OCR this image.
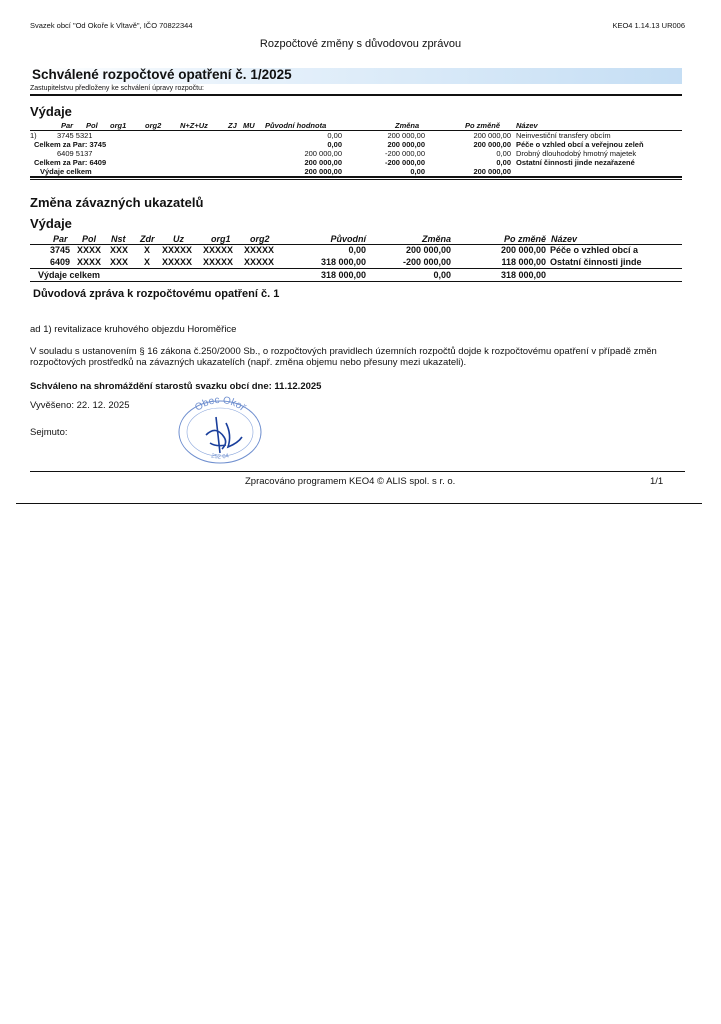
Svazek obcí "Od Okoře k Vltavě", IČO 70822344	KEO4 1.14.13 UR006
Rozpočtové změny s důvodovou zprávou
Schválené rozpočtové opatření č. 1/2025
Zastupitelstvu předloženy ke schválení úpravy rozpočtu:
Výdaje
Par Pol org1 org2 N+Z+Uz	ZJ MU Původní hodnota	Změna	Po změně Název
1)	3745 5321	0,00	200 000,00	200 000,00 Neinvestiční transfery obcím
Celkem za Par: 3745	0,00	200 000,00	200 000,00 Péče o vzhled obcí a veřejnou zeleň
6409 5137	200 000,00	-200 000,00	0,00 Drobný dlouhodobý hmotný majetek
Celkem za Par: 6409	200 000,00	-200 000,00	0,00 Ostatní činnosti jinde nezařazené
Výdaje celkem	200 000,00	0,00	200 000,00
Změna závazných ukazatelů
Výdaje
Par Pol Nst Zdr Uz	org1 org2	Původní	Změna	Po změně Název
3745 XXXX XXX X XXXXX XXXXX XXXXX	0,00	200 000,00	200 000,00 Péče o vzhled obcí a
6409 XXXX XXX X XXXXX XXXXX XXXXX	318 000,00	-200 000,00	118 000,00 Ostatní činnosti jinde
Výdaje celkem	318 000,00	0,00	318 000,00
Důvodová zpráva k rozpočtovému opatření č. 1
ad 1) revitalizace kruhového objezdu Horoměřice
V souladu s ustanovením § 16 zákona č.250/2000 Sb., o rozpočtových pravidlech územních rozpočtů dojde k rozpočtovému opatření v případě změn rozpočtových prostředků na závazných ukazatelích (např. změna objemu nebo přesuny mezi ukazateli).
Schváleno na shromáždění starostů svazku obcí dne: 11.12.2025
Vyvěšeno: 22. 12. 2025
Sejmuto:
Obec Okoř
252 64
Zpracováno programem KEO4 © ALIS spol. s r. o.	1/1
